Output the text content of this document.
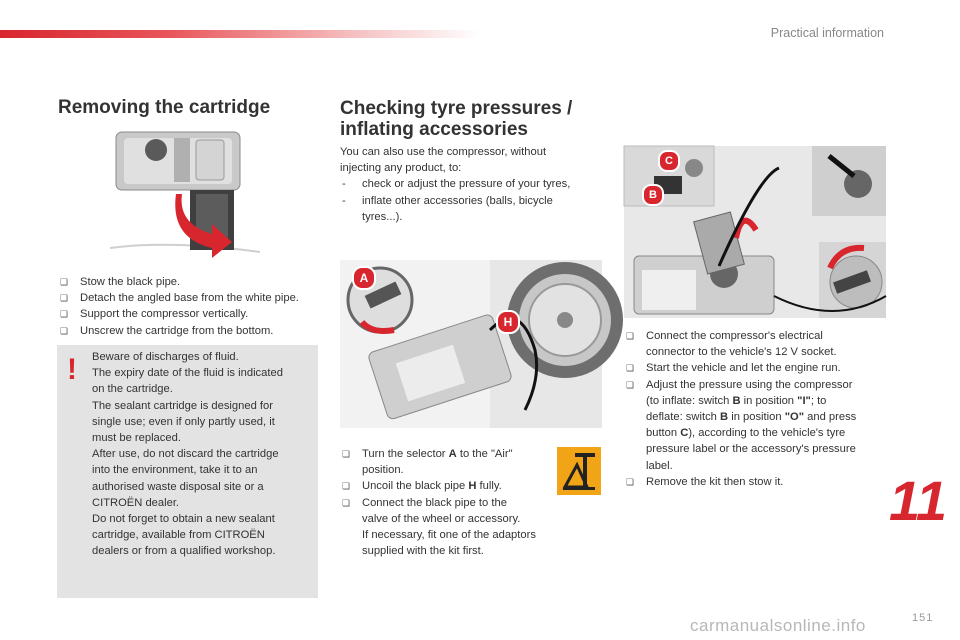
Practical information
Removing the cartridge
❏ Stow the black pipe.
❏ Detach the angled base from the white pipe.
❏ Support the compressor vertically.
❏ Unscrew the cartridge from the bottom.
! Beware of discharges of fluid.
The expiry date of the fluid is indicated
on the cartridge.
The sealant cartridge is designed for
single use; even if only partly used, it
must be replaced.
After use, do not discard the cartridge
into the environment, take it to an
authorised waste disposal site or a
CITROËN dealer.
Do not forget to obtain a new sealant
cartridge, available from CITROËN
dealers or from a qualified workshop.
Checking tyre pressures /
inflating accessories
You can also use the compressor, without
injecting any product, to:
- check or adjust the pressure of your tyres,
- inflate other accessories (balls, bicycle
tyres...).
A
H
❏ Turn the selector A to the "Air"
position.
❏ Uncoil the black pipe H fully.
❏ Connect the black pipe to the
valve of the wheel or accessory.
If necessary, fit one of the adaptors
supplied with the kit first.
C
B
❏ Connect the compressor's electrical
connector to the vehicle's 12 V socket.
❏ Start the vehicle and let the engine run.
❏ Adjust the pressure using the compressor
(to inflate: switch B in position "I"; to
deflate: switch B in position "O" and press
button C), according to the vehicle's tyre
pressure label or the accessory's pressure
label.
❏ Remove the kit then stow it.	11
151
carmanualsonline.info
